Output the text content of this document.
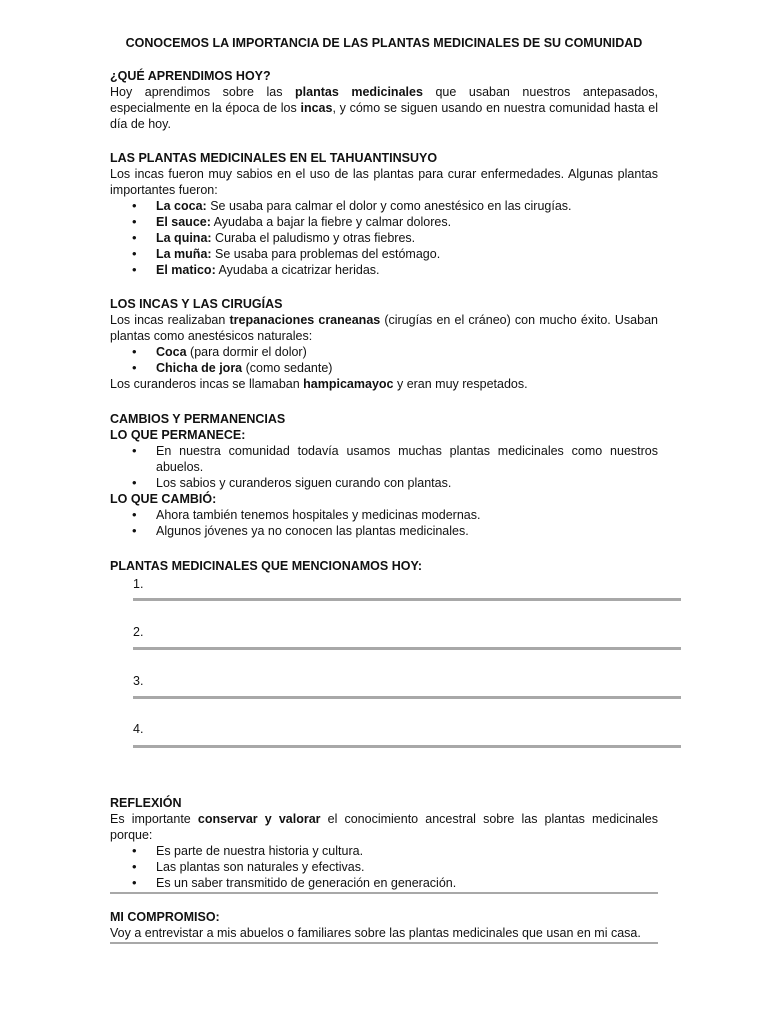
CONOCEMOS LA IMPORTANCIA DE LAS PLANTAS MEDICINALES DE SU COMUNIDAD
¿QUÉ APRENDIMOS HOY?

Hoy aprendimos sobre las plantas medicinales que usaban nuestros antepasados, especialmente en la época de los incas, y cómo se siguen usando en nuestra comunidad hasta el día de hoy.

LAS PLANTAS MEDICINALES EN EL TAHUANTINSUYO

Los incas fueron muy sabios en el uso de las plantas para curar enfermedades. Algunas plantas importantes fueron:

• La coca: Se usaba para calmar el dolor y como anestésico en las cirugías.
• El sauce: Ayudaba a bajar la fiebre y calmar dolores.
• La quina: Curaba el paludismo y otras fiebres.
• La muña: Se usaba para problemas del estómago.
• El matico: Ayudaba a cicatrizar heridas.
LOS INCAS Y LAS CIRUGÍAS

Los incas realizaban trepanaciones craneanas (cirugías en el cráneo) con mucho éxito. Usaban plantas como anestésicos naturales:

• Coca (para dormir el dolor)
• Chicha de jora (como sedante)

Los curanderos incas se llamaban hampicamayoc y eran muy respetados.

CAMBIOS Y PERMANENCIAS
LO QUE PERMANECE:
• En nuestra comunidad todavía usamos muchas plantas medicinales como nuestros abuelos.
• Los sabios y curanderos siguen curando con plantas.
LO QUE CAMBIÓ:
• Ahora también tenemos hospitales y medicinas modernas.
• Algunos jóvenes ya no conocen las plantas medicinales.
PLANTAS MEDICINALES QUE MENCIONAMOS HOY:
1.
2.
3.
4.
REFLEXIÓN

Es importante conservar y valorar el conocimiento ancestral sobre las plantas medicinales porque:

• Es parte de nuestra historia y cultura.
• Las plantas son naturales y efectivas.
• Es un saber transmitido de generación en generación.
MI COMPROMISO:

Voy a entrevistar a mis abuelos o familiares sobre las plantas medicinales que usan en mi casa.
